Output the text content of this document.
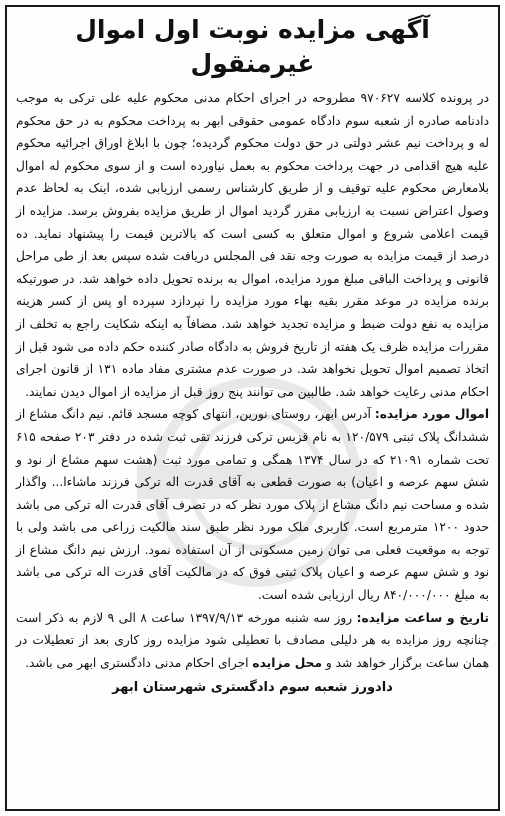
آگهی مزایده نوبت اول اموال غیرمنقول

در پرونده کلاسه ۹۷۰۶۲۷ مطروحه در اجرای احکام مدنی محکوم علیه علی ترکی به موجب دادنامه صادره از شعبه سوم دادگاه عمومی حقوقی ابهر به پرداخت محکوم به در حق محکوم له و پرداخت نیم عشر دولتی در حق دولت محکوم گردیده؛ چون با ابلاغ اوراق اجرائیه محکوم علیه هیچ اقدامی در جهت پرداخت محکوم به بعمل نیاورده است و از سوی محکوم له اموال بلامعارض محکوم علیه توقیف و از طریق کارشناس رسمی ارزیابی شده، اینک به لحاظ عدم وصول اعتراض نسبت به ارزیابی مقرر گردید اموال از طریق مزایده بفروش برسد. مزایده از قیمت اعلامی شروع و اموال متعلق به کسی است که بالاترین قیمت را پیشنهاد نماید. ده درصد از قیمت مزایده به صورت وجه نقد فی المجلس دریافت شده سپس بعد از طی مراحل قانونی و پرداخت الباقی مبلغ مورد مزایده، اموال به برنده تحویل داده خواهد شد. در صورتیکه برنده مزایده در موعد مقرر بقیه بهاء مورد مزایده را نپردازد سپرده او پس از کسر هزینه مزایده به نفع دولت ضبط و مزایده تجدید خواهد شد. مضافاً به اینکه شکایت راجع به تخلف از مقررات مزایده ظرف یک هفته از تاریخ فروش به دادگاه صادر کننده حکم داده می شود قبل از اتخاذ تصمیم اموال تحویل نخواهد شد. در صورت عدم مشتری مفاد ماده ۱۳۱ از قانون اجرای احکام مدنی رعایت خواهد شد. طالبین می توانند پنج روز قبل از مزایده از اموال دیدن نمایند.

اموال مورد مزایده: آدرس ابهر، روستای نورین، انتهای کوچه مسجد قائم. نیم دانگ مشاع از ششدانگ پلاک ثبتی ۱۲۰/۵۷۹ به نام قزبس ترکی فرزند تقی ثبت شده در دفتر ۲۰۳ صفحه ۶۱۵ تحت شماره ۲۱۰۹۱ که در سال ۱۳۷۴ همگی و تمامی مورد ثبت (هشت سهم مشاع از نود و شش سهم عرصه و اعیان) به صورت قطعی به آقای قدرت اله ترکی فرزند ماشاءا... واگذار شده و مساحت نیم دانگ مشاع از پلاک مورد نظر که در تصرف آقای قدرت اله ترکی می باشد حدود ۱۲۰۰ مترمربع است. کاربری ملک مورد نظر طبق سند مالکیت زراعی می باشد ولی با توجه به موقعیت فعلی می توان زمین مسکونی از آن استفاده نمود. ارزش نیم دانگ مشاع از نود و شش سهم عرصه و اعیان پلاک ثبتی فوق که در مالکیت آقای قدرت اله ترکی می باشد به مبلغ ۸۴۰/۰۰۰/۰۰۰ ریال ارزیابی شده است.

تاریخ و ساعت مزایده: روز سه شنبه مورخه ۱۳۹۷/۹/۱۳ ساعت ۸ الی ۹ لازم به ذکر است چنانچه روز مزایده به هر دلیلی مصادف با تعطیلی شود مزایده روز کاری بعد از تعطیلات در همان ساعت برگزار خواهد شد و محل مزایده اجرای احکام مدنی دادگستری ابهر می باشد.

دادورز شعبه سوم دادگستری شهرستان ابهر
